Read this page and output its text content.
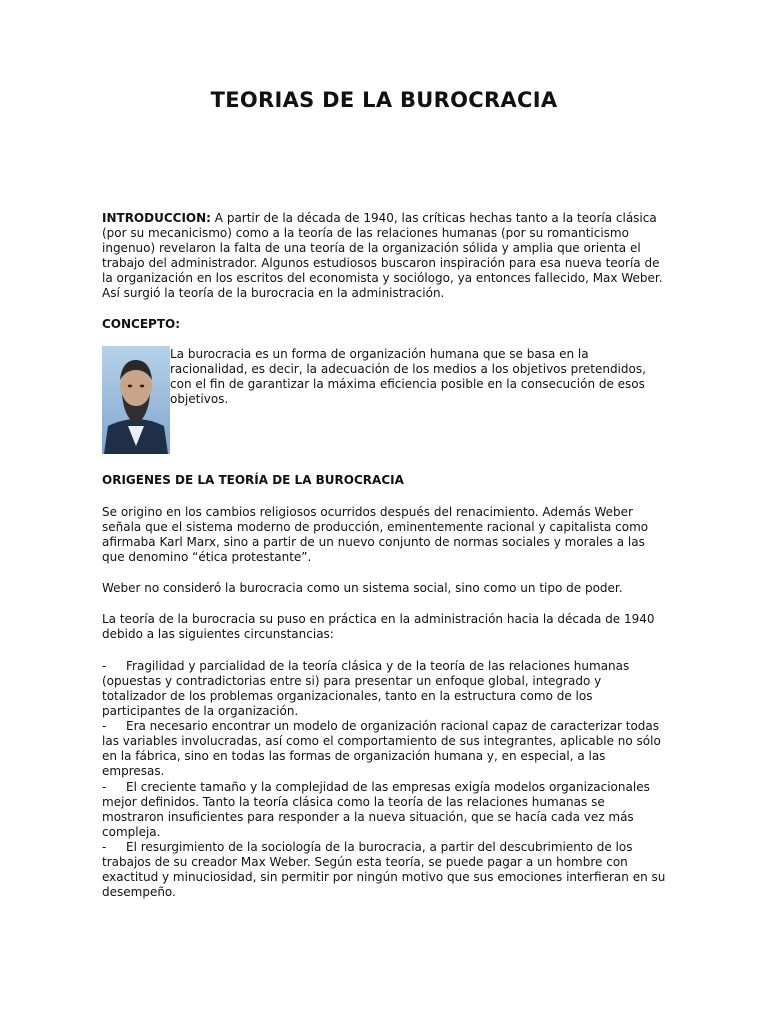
TEORIAS DE LA BUROCRACIA
INTRODUCCION: A partir de la década de 1940, las críticas hechas tanto a la teoría clásica (por su mecanicismo) como a la teoría de las relaciones humanas (por su romanticismo ingenuo) revelaron la falta de una teoría de la organización sólida y amplia que orienta el trabajo del administrador. Algunos estudiosos buscaron inspiración para esa nueva teoría de la organización en los escritos del economista y sociólogo, ya entonces fallecido, Max Weber. Así surgió la teoría de la burocracia en la administración.
CONCEPTO:
La burocracia es un forma de organización humana que se basa en la racionalidad, es decir, la adecuación de los medios a los objetivos pretendidos, con el fin de garantizar la máxima eficiencia posible en la consecución de esos objetivos.
ORIGENES DE LA TEORÍA DE LA BUROCRACIA
Se origino en los cambios religiosos ocurridos después del renacimiento. Además Weber señala que el sistema moderno de producción, eminentemente racional y capitalista como afirmaba Karl Marx, sino a partir de un nuevo conjunto de normas sociales y morales a las que denomino “ética protestante”.
Weber no consideró la burocracia como un sistema social, sino como un tipo de poder.
La teoría de la burocracia su puso en práctica en la administración hacia la década de 1940 debido a las siguientes circunstancias:
- Fragilidad y parcialidad de la teoría clásica y de la teoría de las relaciones humanas (opuestas y contradictorias entre si) para presentar un enfoque global, integrado y totalizador de los problemas organizacionales, tanto en la estructura como de los participantes de la organización.
- Era necesario encontrar un modelo de organización racional capaz de caracterizar todas las variables involucradas, así como el comportamiento de sus integrantes, aplicable no sólo en la fábrica, sino en todas las formas de organización humana y, en especial, a las empresas.
- El creciente tamaño y la complejidad de las empresas exigía modelos organizacionales mejor definidos. Tanto la teoría clásica como la teoría de las relaciones humanas se mostraron insuficientes para responder a la nueva situación, que se hacía cada vez más compleja.
- El resurgimiento de la sociología de la burocracia, a partir del descubrimiento de los trabajos de su creador Max Weber. Según esta teoría, se puede pagar a un hombre con exactitud y minuciosidad, sin permitir por ningún motivo que sus emociones interfieran en su desempeño.
